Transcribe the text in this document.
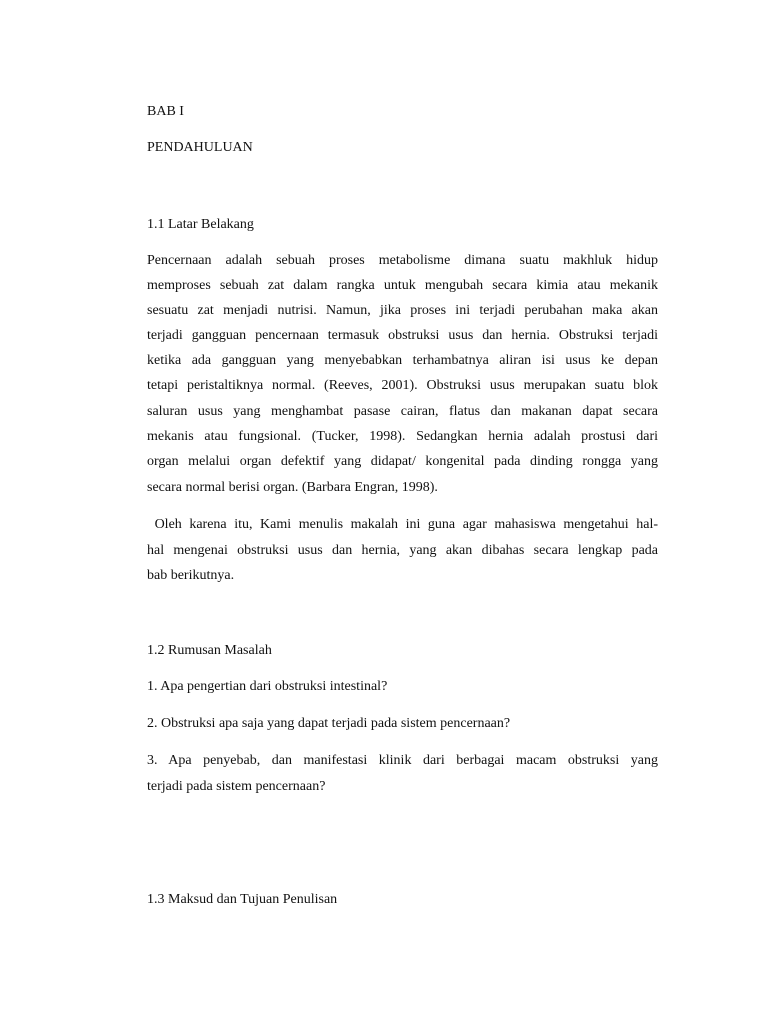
BAB I
PENDAHULUAN
1.1 Latar Belakang
Pencernaan adalah sebuah proses metabolisme dimana suatu makhluk hidup
memproses sebuah zat dalam rangka untuk mengubah secara kimia atau mekanik
sesuatu zat menjadi nutrisi. Namun, jika proses ini terjadi perubahan maka akan
terjadi gangguan pencernaan termasuk obstruksi usus dan hernia. Obstruksi terjadi
ketika ada gangguan yang menyebabkan terhambatnya aliran isi usus ke depan
tetapi peristaltiknya normal. (Reeves, 2001). Obstruksi usus merupakan suatu blok
saluran usus yang menghambat pasase cairan, flatus dan makanan dapat secara
mekanis atau fungsional. (Tucker, 1998). Sedangkan hernia adalah prostusi dari
organ melalui organ defektif yang didapat/ kongenital pada dinding rongga yang
secara normal berisi organ. (Barbara Engran, 1998).
Oleh karena itu, Kami menulis makalah ini guna agar mahasiswa mengetahui hal-
hal mengenai obstruksi usus dan hernia, yang akan dibahas secara lengkap pada
bab berikutnya.
1.2 Rumusan Masalah
1. Apa pengertian dari obstruksi intestinal?
2. Obstruksi apa saja yang dapat terjadi pada sistem pencernaan?
3. Apa penyebab, dan manifestasi klinik dari berbagai macam obstruksi yang
terjadi pada sistem pencernaan?
1.3 Maksud dan Tujuan Penulisan
